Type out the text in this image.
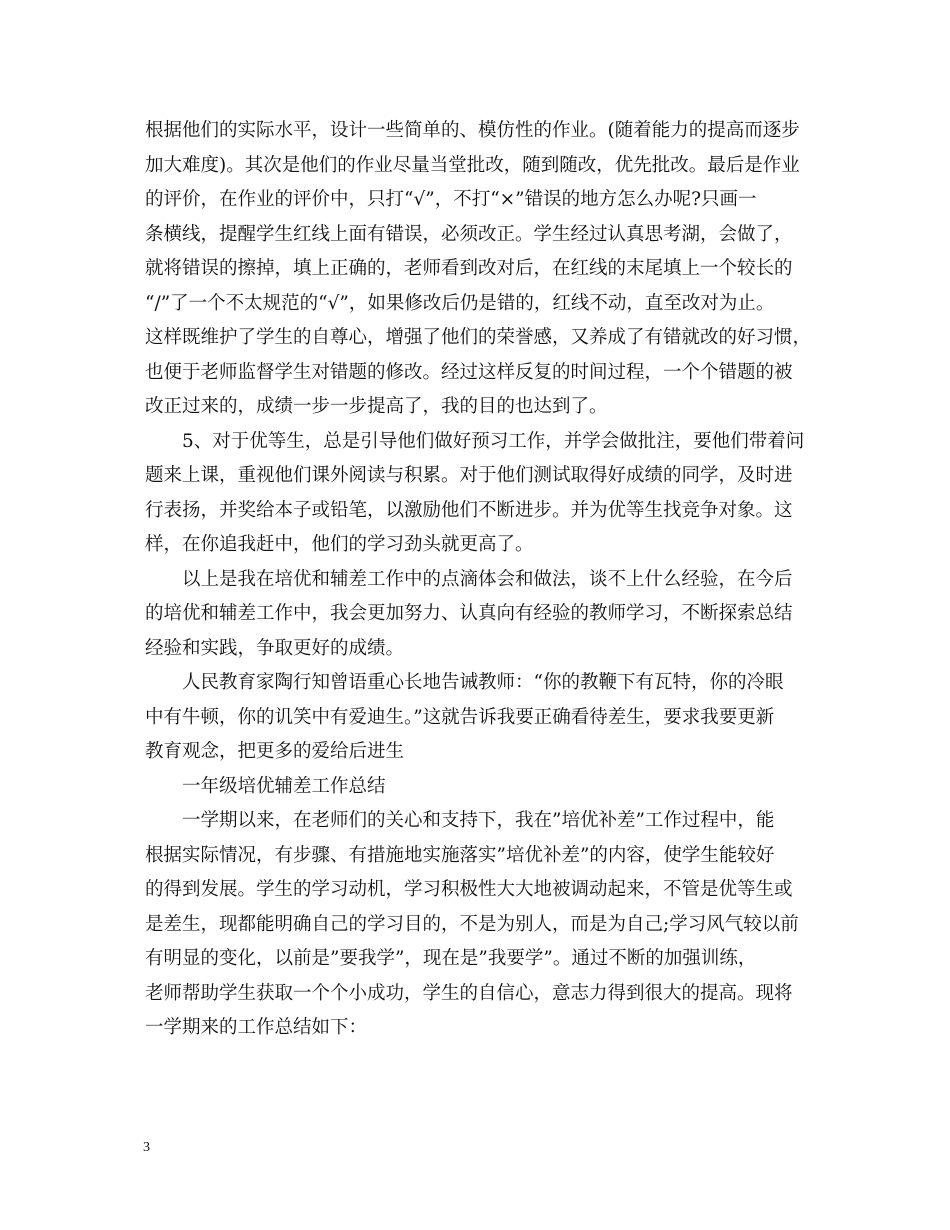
根据他们的实际水平，设计一些简单的、模仿性的作业。(随着能力的提高而逐步
加大难度)。其次是他们的作业尽量当堂批改，随到随改，优先批改。最后是作业
的评价，在作业的评价中，只打“√”，不打“×”错误的地方怎么办呢?只画一
条横线，提醒学生红线上面有错误，必须改正。学生经过认真思考湖，会做了，
就将错误的擦掉，填上正确的，老师看到改对后，在红线的末尾填上一个较长的
“/”了一个不太规范的“√”，如果修改后仍是错的，红线不动，直至改对为止。
这样既维护了学生的自尊心，增强了他们的荣誉感，又养成了有错就改的好习惯，
也便于老师监督学生对错题的修改。经过这样反复的时间过程，一个个错题的被
改正过来的，成绩一步一步提高了，我的目的也达到了。
5、对于优等生，总是引导他们做好预习工作，并学会做批注，要他们带着问
题来上课，重视他们课外阅读与积累。对于他们测试取得好成绩的同学，及时进
行表扬，并奖给本子或铅笔，以激励他们不断进步。并为优等生找竞争对象。这
样，在你追我赶中，他们的学习劲头就更高了。
以上是我在培优和辅差工作中的点滴体会和做法，谈不上什么经验，在今后
的培优和辅差工作中，我会更加努力、认真向有经验的教师学习，不断探索总结
经验和实践，争取更好的成绩。
人民教育家陶行知曾语重心长地告诫教师：“你的教鞭下有瓦特，你的冷眼
中有牛顿，你的讥笑中有爱迪生。”这就告诉我要正确看待差生，要求我要更新
教育观念，把更多的爱给后进生
一年级培优辅差工作总结
一学期以来，在老师们的关心和支持下，我在”培优补差”工作过程中，能
根据实际情况，有步骤、有措施地实施落实”培优补差”的内容，使学生能较好
的得到发展。学生的学习动机，学习积极性大大地被调动起来，不管是优等生或
是差生，现都能明确自己的学习目的，不是为别人，而是为自己;学习风气较以前
有明显的变化，以前是”要我学”，现在是”我要学”。通过不断的加强训练，
老师帮助学生获取一个个小成功，学生的自信心，意志力得到很大的提高。现将
一学期来的工作总结如下：
3
